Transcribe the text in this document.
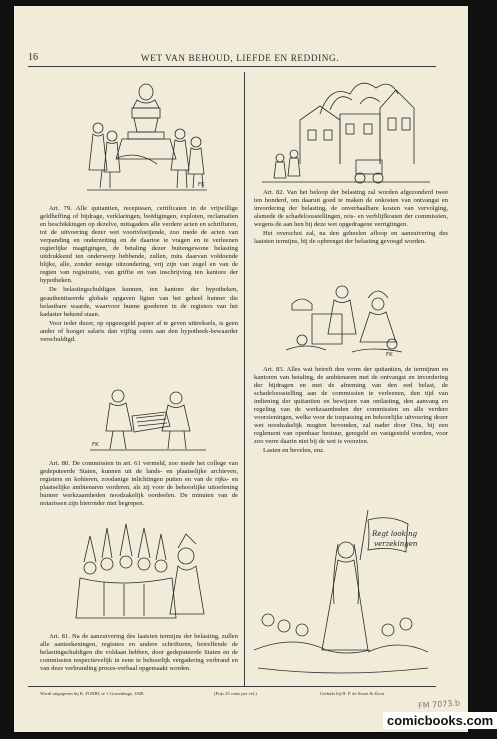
16	WET VAN BEHOUD, LIEFDE EN REDDING.
FK

Art. 79. Alle quitantien, recepissen, certificaten in de vrijwillige geldheffing of bijdrage, verklaringen, beëdigingen, exploten, reclamatien en beschikkingen op dezelve, mitsgaders alle verdere acten en schrifturen, tot de uitvoering dezer wet voortvloeijende, zoo mede de acten van verpanding en onderzetting en de daartoe te vragen en te verleenen regterlijke magtigingen, de betaling dezer buitengewone belasting uitdrukkend ten onderwerp hebbende, zullen, mits daarvan voldoende blijke, alle, zonder eenige uitzondering, vrij zijn van zegel en van de regten van registratie, van griffie en van inschrijving ten kantore der hypotheken.

De belastingschuldigen kunnen, ten kantore der hypotheken, geauthentiseerde globale opgaven ligten van het geheel hunner die belastbare waarde, waarvoor hunne goederen in de registers van het kadaster bekend staan.

Voor ieder dezer, op opgezegeld papier af te geven uittreksels, is geen ander of hooger salaris dan vijftig cents aan den hypotheek-bewaarder verschuldigd.

FK

Art. 80. De commissien in art. 61 vermeld, zoo mede het college van gedeputeerde Staten, kunnen uit de lands- en plaatselijke archieven, registers en kohieren, zoodanige inlichtingen putten en van de rijks- en plaatselijke ambtenaren vorderen, als zij voor de behoorlijke uitoefening hunner werkzaamheden noodzakelijk oordeelen. De minuten van de notarissen zijn hieronder niet begrepen.

Art. 81. Na de aanzuivering des laatsten termijns der belasting, zullen alle aanteekeningen, registers en andere schrifturen, betreffende de belastingschuldigen die voldaan hebben, door gedeputeerde Staten en de commissien respectievelijk in eene te behoorlijk vergadering verbrand en van deze verbranding proces-verbaal opgemaakt worden.

Art. 82. Van het beloop der belasting zal worden afgezonderd twee ten honderd, om daaruit goed te maken de onkosten van ontvangst en invordering der belasting, de onverhaalbare kosten van vervolging, alsmede de schadeloosstellingen, reis- en verblijfkosten der commissien, wegens de aan hen bij deze wet opgedragene verrigtingen.

Het overschot zal, na den geheelen afloop en aanzuivering des laatsten termijns, bij de opbrengst der belasting gevoegd worden.

FK

Art. 83. Alles wat betreft den vorm der quitantien, de termijnen en kantoren van betaling, de ambtenaren met de ontvangst en invordering der bijdragen en met de afneming van den eed belast, de schadeloosstelling aan de commissien te verleenen, den tijd van indiening der quitantien en bewijzen van ontlasting, den aanvang en regeling van de werkzaamheden der commissien en alle verdere voorzieningen, welke voor de toepassing en behoorlijke uitvoering dezer wet noodzakelijk mogten bevonden, zal nader door Ons, bij een reglement van openbaar bestuur, geregeld en vastgesteld worden, voor zoo verre daarin niet bij de wet is voorzien.

Lasten en bevelen, enz.

Regt looking
verzekingen
Wordt uitgegeven bij K. FUHRI, te 's Gravenhage, 1848.	(Prijs 25 cents per vel.)	Gedrukt bij H. P. de Swart & Zoon.
FM 7073.b
comicbooks.com
